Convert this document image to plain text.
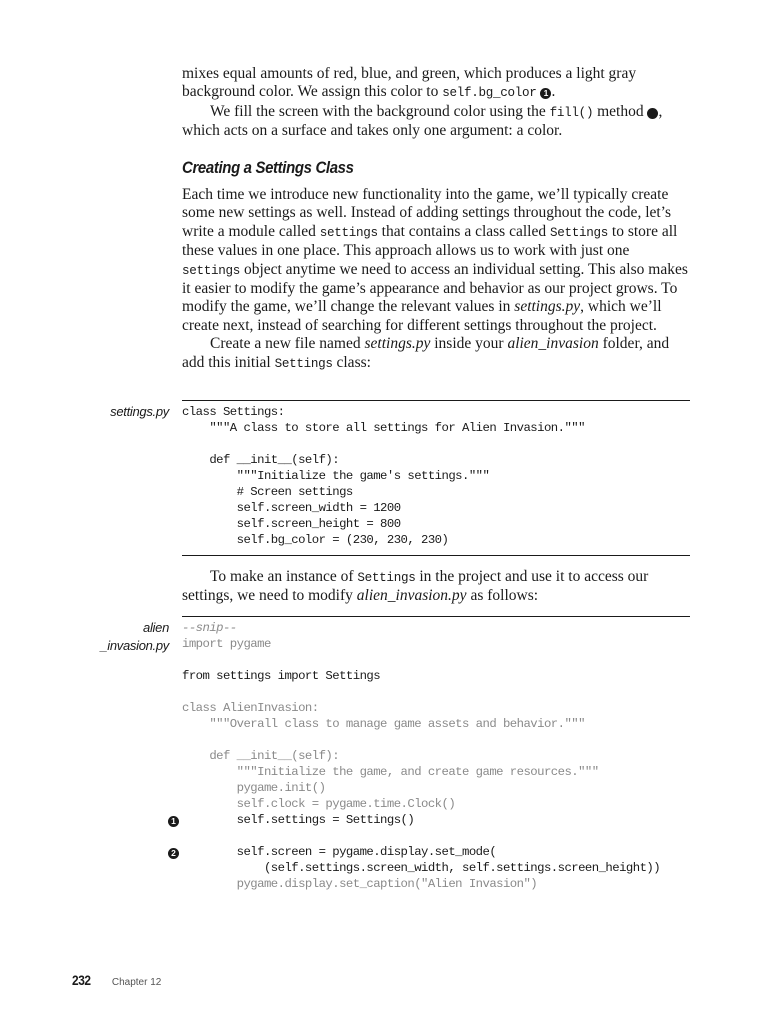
mixes equal amounts of red, blue, and green, which produces a light gray background color. We assign this color to self.bg_color 1 .

We fill the screen with the background color using the fill() method	2, which acts on a surface and takes only one argument: a color.

Creating a Settings Class

Each time we introduce new functionality into the game, we’ll typically create some new settings as well. Instead of adding settings throughout the code, let’s write a module called settings that contains a class called Settings to store all these values in one place. This approach allows us to work with just one settings object anytime we need to access an individual setting. This also makes it easier to modify the game’s appearance and behavior as our project grows. To modify the game, we’ll change the relevant values in settings.py, which we’ll create next, instead of searching for different settings throughout the project.

Create a new file named settings.py inside your alien_invasion folder, and add this initial Settings class:

settings.py class Settings:
"""A class to store all settings for Alien Invasion."""
def __init__(self):
"""Initialize the game's settings."""
# Screen settings
self.screen_width = 1200
self.screen_height = 800
self.bg_color = (230, 230, 230)
To make an instance of Settings in the project and use it to access our settings, we need to modify alien_invasion.py as follows:
alien
_invasion.py
--snip--
import pygame
from settings import Settings
class AlienInvasion:
"""Overall class to manage game assets and behavior."""
def __init__(self):
"""Initialize the game, and create game resources."""
pygame.init()
self.clock = pygame.time.Clock()
self.settings = Settings()
self.screen = pygame.display.set_mode(
(self.settings.screen_width, self.settings.screen_height))
pygame.display.set_caption("Alien Invasion")
1
2
232 Chapter 12
